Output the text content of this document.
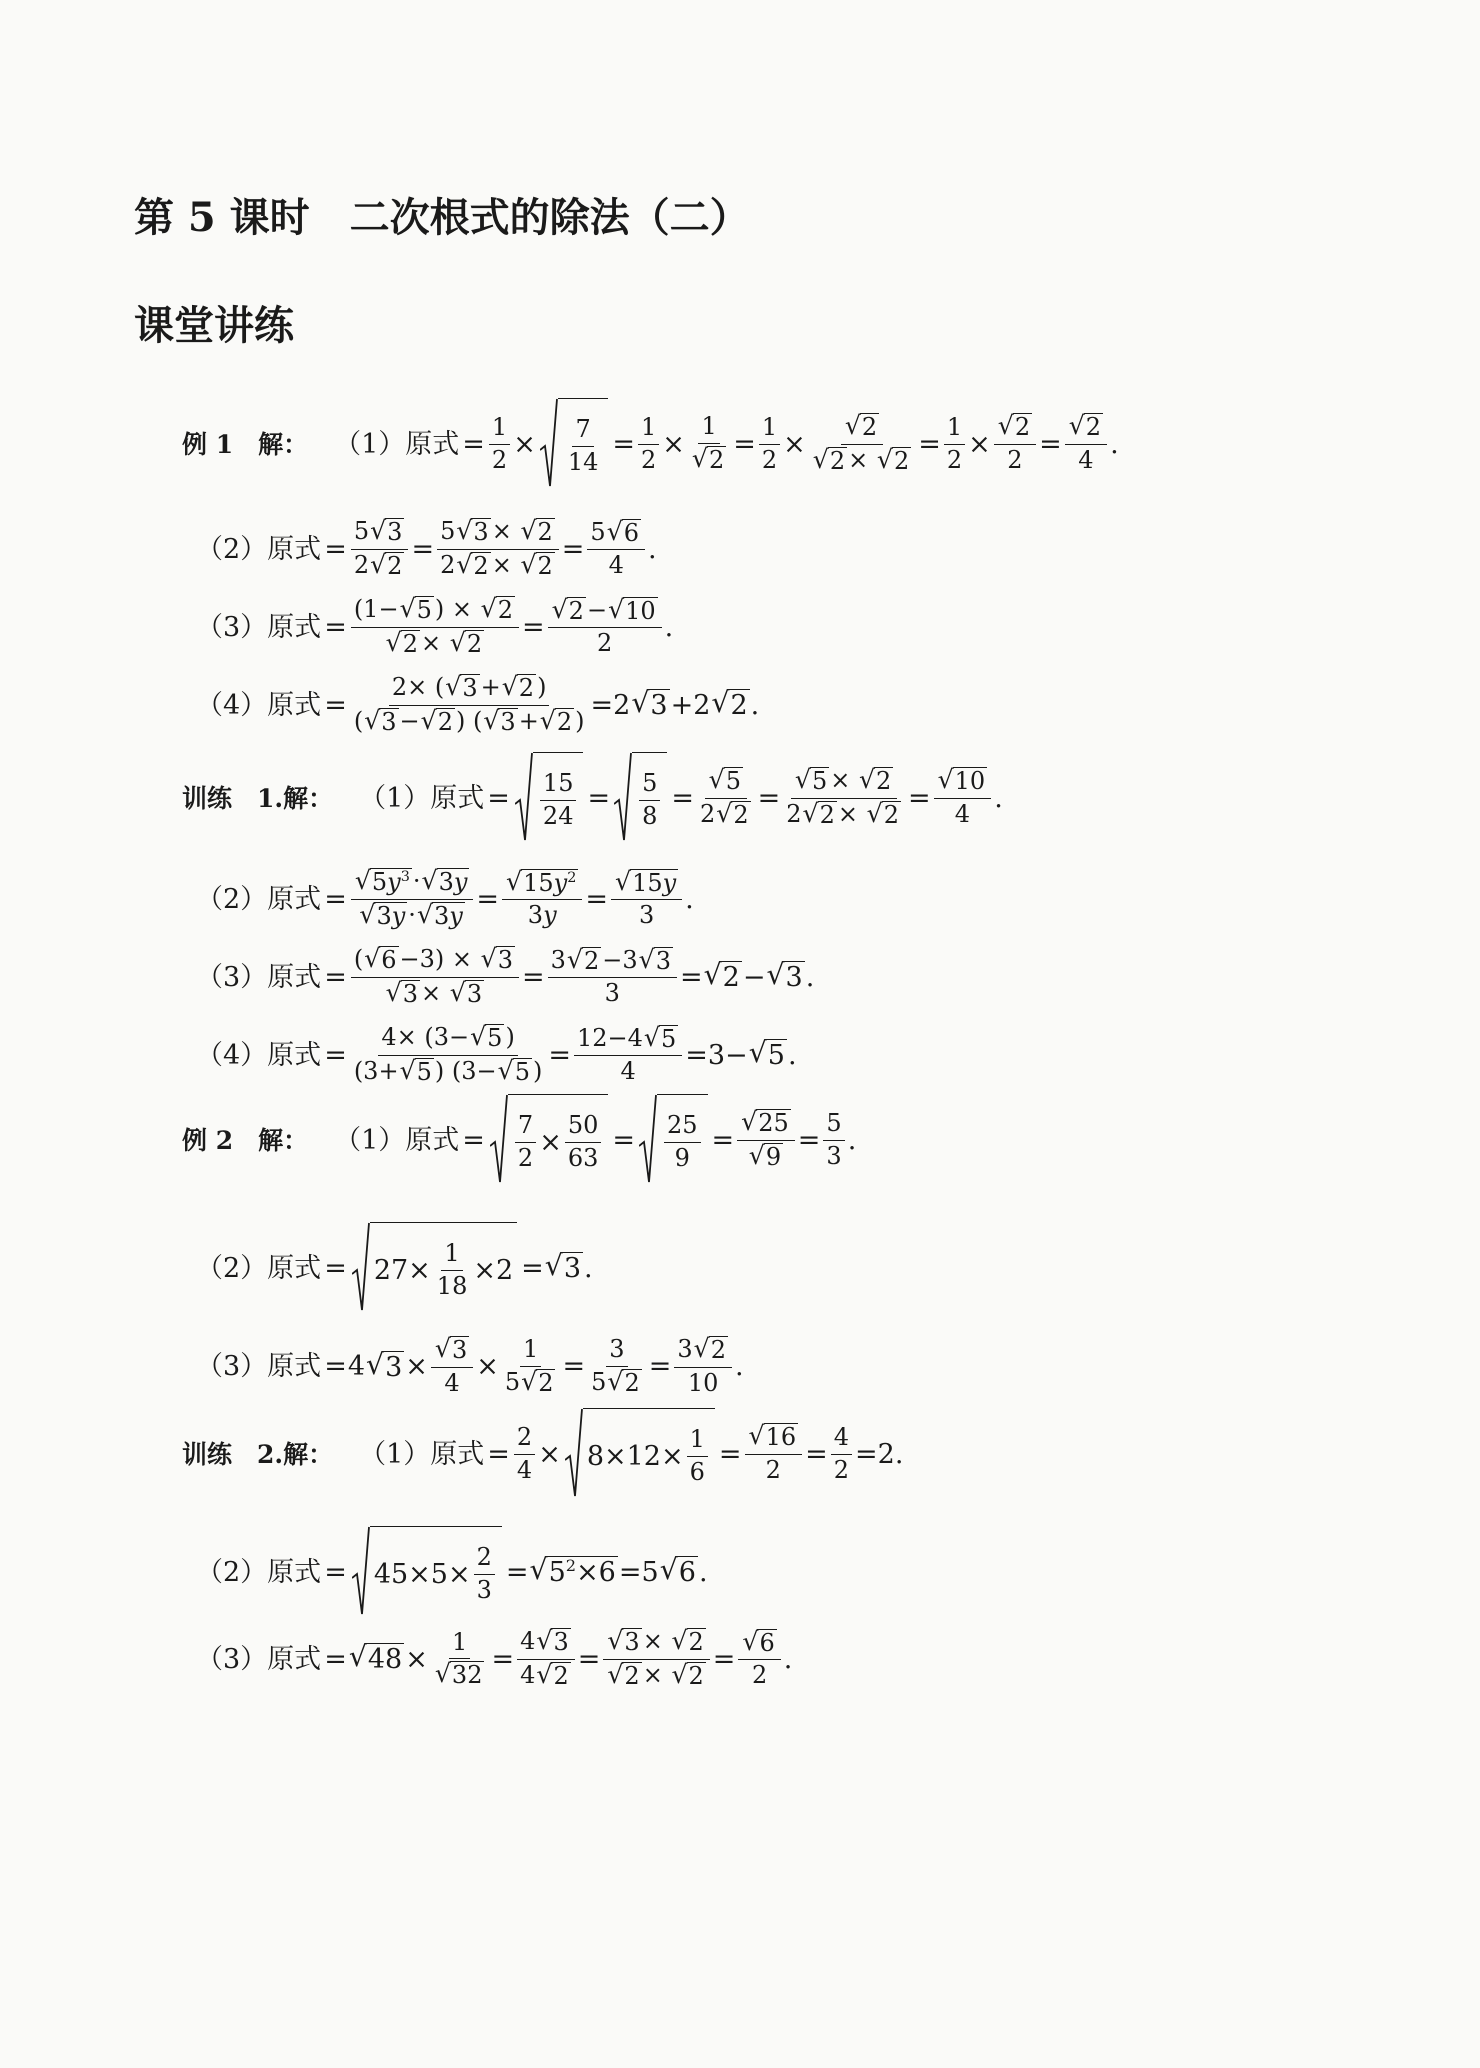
第 5 课时　二次根式的除法（二）
课堂讲练
例 1　解： （1）原式 = $\frac{1}{2} \times \frac{7}{14} = \frac{1}{2} \times \frac{1}{√ 2} = \frac{1}{2} \times \frac{√ 2}{√ 2 \times √ 2} = \frac{1}{2} \times \frac{√ 2}{2} = \frac{√ 2}{4}$ .
（2）原式 = $\frac{5 √ 3}{2 √ 2} = \frac{5 √ 3 \times √ 2}{2 √ 2 \times √ 2} = \frac{5 √ 6}{4}$ .
（3）原式 = $\frac{(1- √ 5 ) \times √ 2}{√ 2 \times √ 2} = \frac{√ 2 - √ 10}{2}$ .
（4）原式 = $\frac{2\times ( √ 3 + √ 2 )}{( √ 3 - √ 2 ) ( √ 3 + √ 2 )} = 2$ √ 3 +2 √ 2 .
训练　1.解： （1）原式 = $\frac{15}{24} = \frac{5}{8} = \frac{√ 5}{2 √ 2} = \frac{√ 5 \times √ 2}{2 √ 2 \times √ 2} = \frac{√ 10}{4}$ .
（2）原式 = $\frac{√ 5y^3 \cdot √ 3y}{√ 3y \cdot √ 3y} = \frac{√ 15y^2}{3y} = \frac{√ 15y}{3}$ .
（3）原式 = $\frac{( √ 6 -3) \times √ 3}{√ 3 \times √ 3} = \frac{3 √ 2 -3 √ 3}{3}$ = √ 2 − √ 3 .
（4）原式 = $\frac{4\times (3- √ 5 )}{(3+ √ 5 ) (3- √ 5 )} = \frac{12-4 √ 5}{4} = 3-$ √ 5 .
例 2　解： （1）原式 = $\frac{7}{2} \times \frac{50}{63} = \frac{25}{9} = \frac{√ 25}{√ 9} = \frac{5}{3}$ .
（2）原式 = $27\times \frac{1}{18} \times 2$ = √ 3 .
（3）原式 = 4 √ $3 \times \frac{√ 3}{4} \times \frac{1}{5 √ 2} = \frac{3}{5 √ 2} = \frac{3 √ 2}{10}$ .
训练　2.解： （1）原式 = $\frac{2}{4} \times 8\times 12\times \frac{1}{6} = \frac{√ 16}{2} = \frac{4}{2} = 2$ .
（2）原式 = $45\times 5\times \frac{2}{3}$ = √ $5^2\times 6 = 5$ √ 6 .
（3）原式 = √ $48 \times \frac{1}{√ 32} = \frac{4 √ 3}{4 √ 2} = \frac{√ 3 \times √ 2}{√ 2 \times √ 2} = \frac{√ 6}{2}$ .
